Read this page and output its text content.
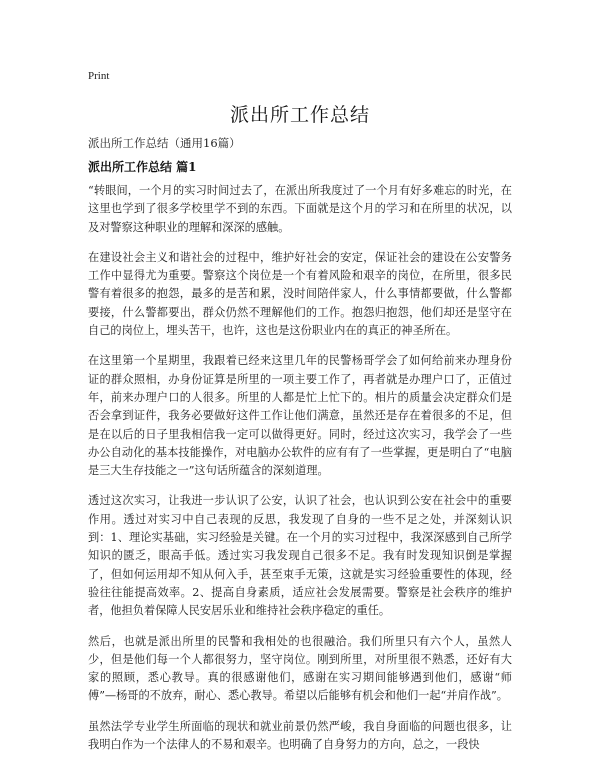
Print
派出所工作总结
派出所工作总结（通用16篇）
派出所工作总结 篇1

“转眼间，一个月的实习时间过去了，在派出所我度过了一个月有好多难忘的时光，在这里也学到了很多学校里学不到的东西。下面就是这个月的学习和在所里的状况，以及对警察这种职业的理解和深深的感触。

在建设社会主义和谐社会的过程中，维护好社会的安定，保证社会的建设在公安警务工作中显得尤为重要。警察这个岗位是一个有着风险和艰辛的岗位，在所里，很多民警有着很多的抱怨，最多的是苦和累，没时间陪伴家人，什么事情都要做，什么警都要接，什么警都要出，群众仍然不理解他们的工作。抱怨归抱怨，他们却还是坚守在自己的岗位上，埋头苦干，也许，这也是这份职业内在的真正的神圣所在。

在这里第一个星期里，我跟着已经来这里几年的民警杨哥学会了如何给前来办理身份证的群众照相，办身份证算是所里的一项主要工作了，再者就是办理户口了，正值过年，前来办理户口的人很多。所里的人都是忙上忙下的。相片的质量会决定群众们是否会拿到证件，我务必要做好这件工作让他们满意，虽然还是存在着很多的不足，但是在以后的日子里我相信我一定可以做得更好。同时，经过这次实习，我学会了一些办公自动化的基本技能操作，对电脑办公软件的应有有了一些掌握，更是明白了“电脑是三大生存技能之一”这句话所蕴含的深刻道理。

透过这次实习，让我进一步认识了公安，认识了社会，也认识到公安在社会中的重要作用。透过对实习中自己表现的反思，我发现了自身的一些不足之处，并深刻认识到：1、理论实基础，实习经验是关键。在一个月的实习过程中，我深深感到自己所学知识的匮乏，眼高手低。透过实习我发现自己很多不足。我有时发现知识倒是掌握了，但如何运用却不知从何入手，甚至束手无策，这就是实习经验重要性的体现，经验往往能提高效率。2、提高自身素质，适应社会发展需要。警察是社会秩序的维护者，他担负着保障人民安居乐业和维持社会秩序稳定的重任。

然后，也就是派出所里的民警和我相处的也很融洽。我们所里只有六个人，虽然人少，但是他们每一个人都很努力，坚守岗位。刚到所里，对所里很不熟悉，还好有大家的照顾，悉心教导。真的很感谢他们，感谢在实习期间能够遇到他们，感谢“师傅”—杨哥的不放弃，耐心、悉心教导。希望以后能够有机会和他们一起“并肩作战”。

虽然法学专业学生所面临的现状和就业前景仍然严峻，我自身面临的问题也很多，让我明白作为一个法律人的不易和艰辛。也明确了自身努力的方向，总之，一段快
